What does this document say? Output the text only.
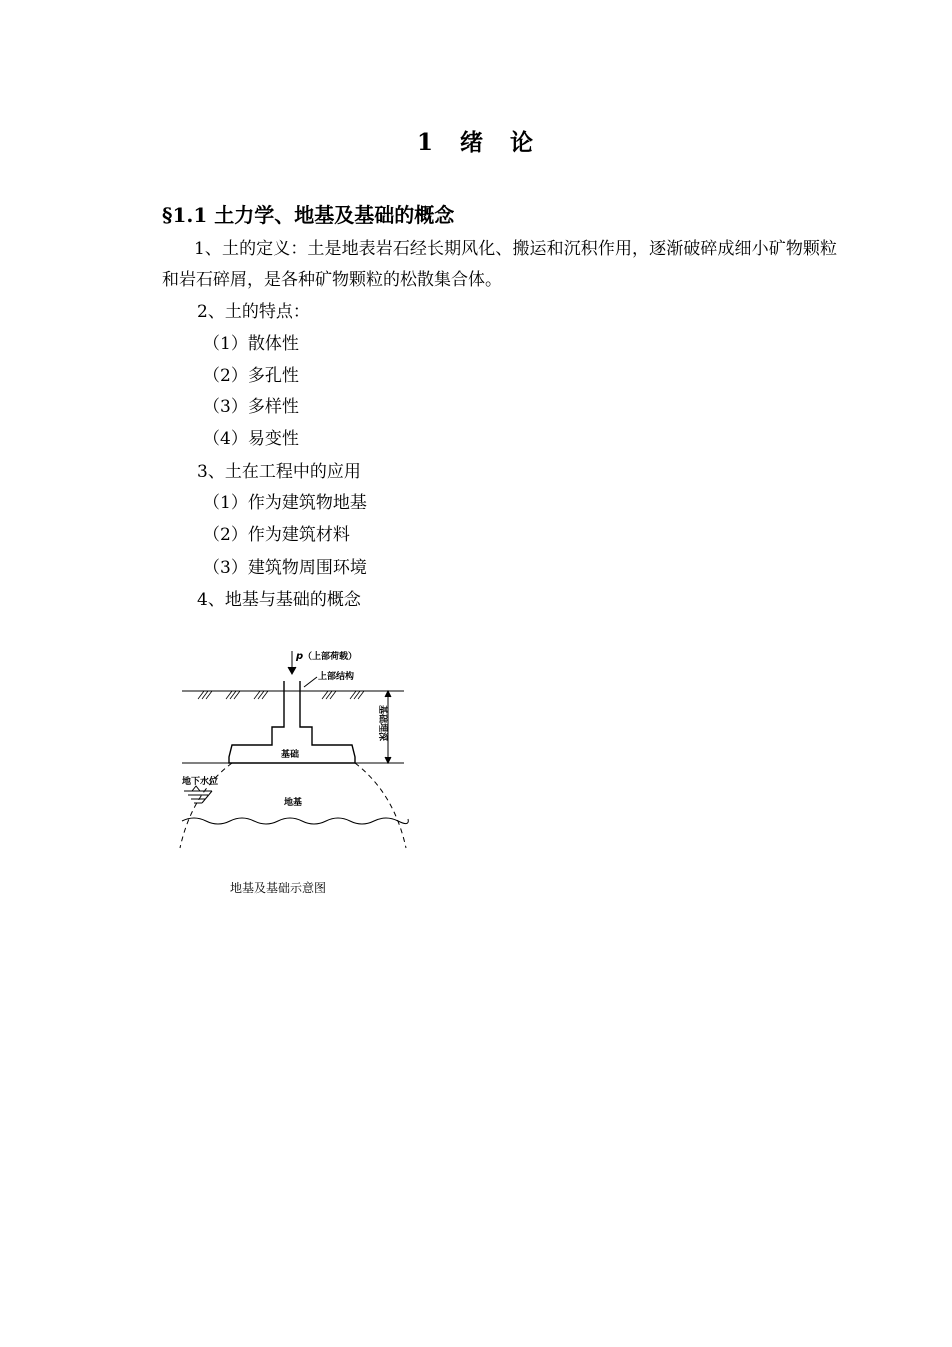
1　绪　论
§1.1 土力学、地基及基础的概念
1、土的定义：土是地表岩石经长期风化、搬运和沉积作用，逐渐破碎成细小矿物颗粒和岩石碎屑，是各种矿物颗粒的松散集合体。
2、土的特点：
（1）散体性
（2）多孔性
（3）多样性
（4）易变性
3、土在工程中的应用
（1）作为建筑物地基
（2）作为建筑材料
（3）建筑物周围环境
4、地基与基础的概念
p （上部荷载）
上部结构
基础
地下水位
地基
基础埋深
地基及基础示意图
